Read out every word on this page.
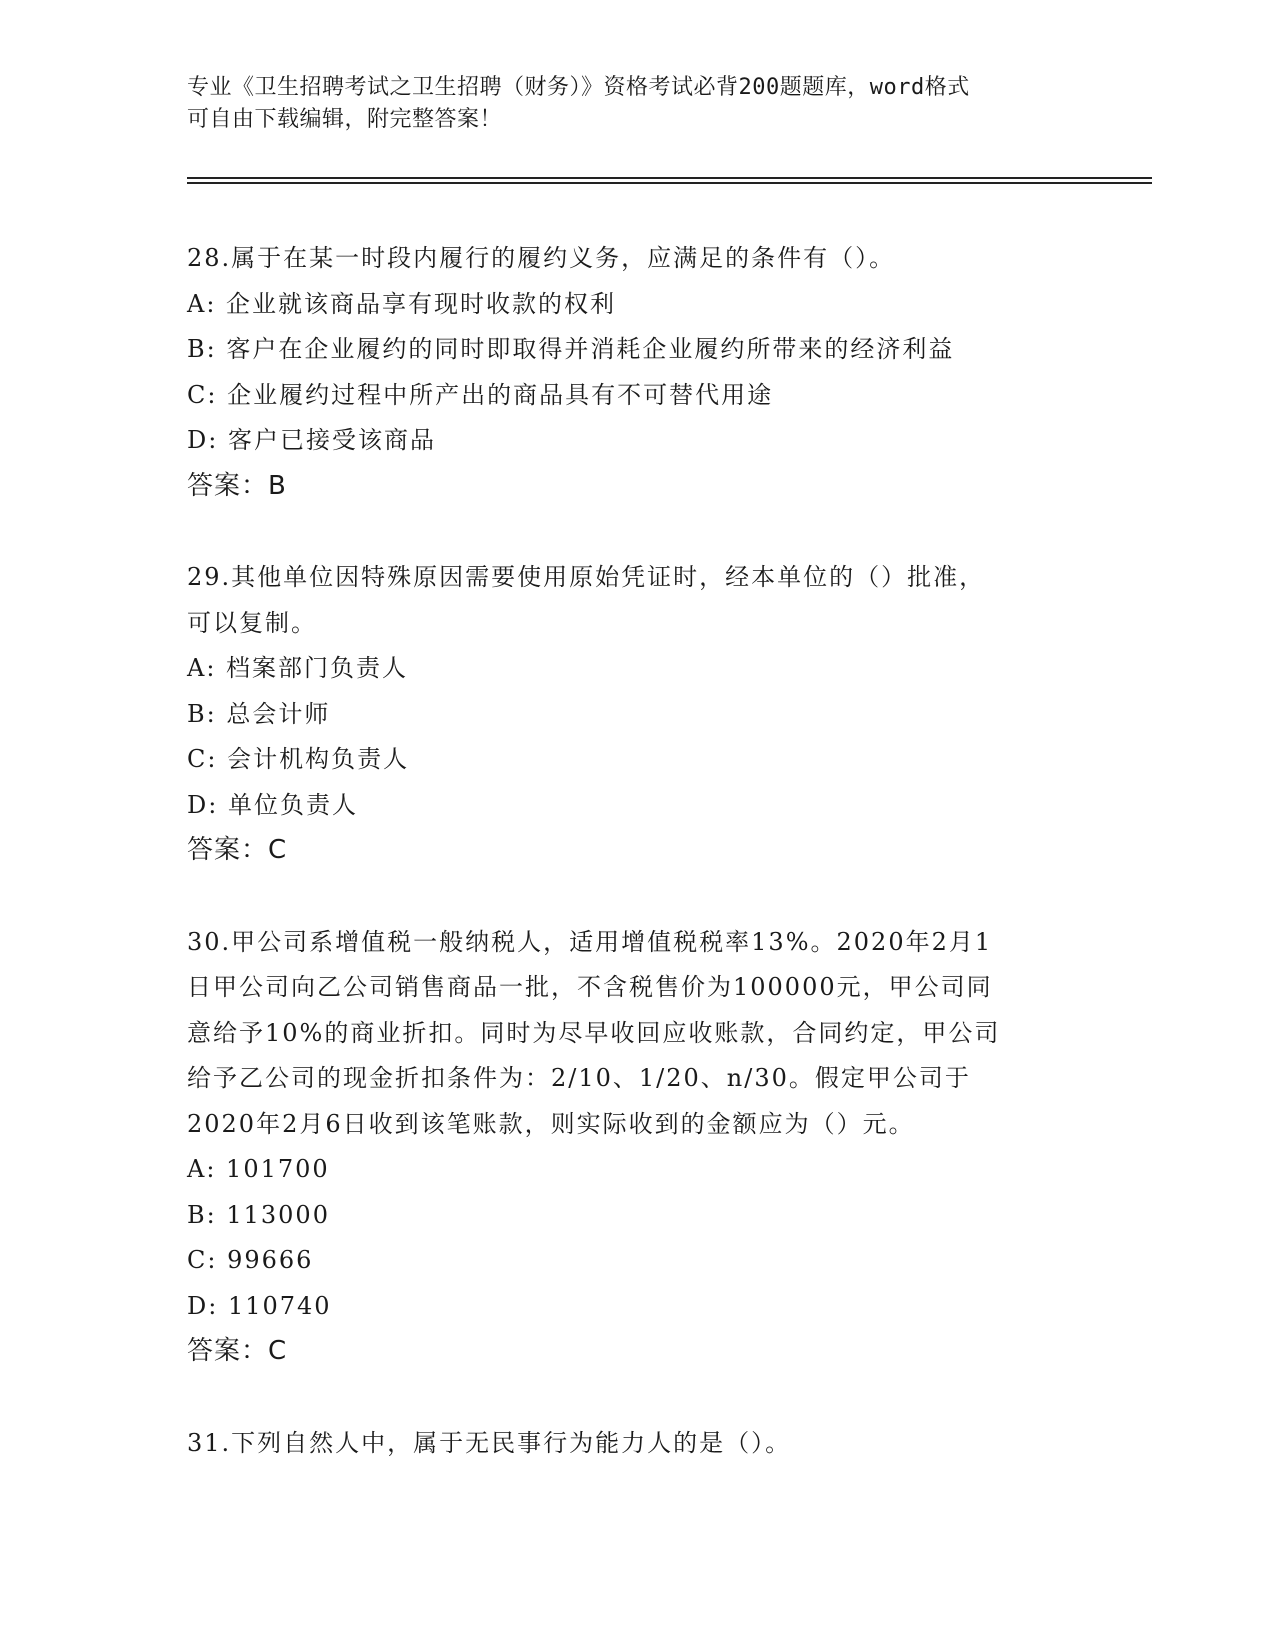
专业《卫生招聘考试之卫生招聘（财务）》资格考试必背200题题库，word格式
可自由下载编辑，附完整答案！

28.属于在某一时段内履行的履约义务，应满足的条件有（）。

A: 企业就该商品享有现时收款的权利

B: 客户在企业履约的同时即取得并消耗企业履约所带来的经济利益

C: 企业履约过程中所产出的商品具有不可替代用途

D: 客户已接受该商品

答案：B

29.其他单位因特殊原因需要使用原始凭证时，经本单位的（）批准，

可以复制。

A: 档案部门负责人

B: 总会计师

C: 会计机构负责人

D: 单位负责人

答案：C

30.甲公司系增值税一般纳税人，适用增值税税率13%。2020年2月1

日甲公司向乙公司销售商品一批，不含税售价为100000元，甲公司同

意给予10%的商业折扣。同时为尽早收回应收账款，合同约定，甲公司

给予乙公司的现金折扣条件为：2/10、1/20、n/30。假定甲公司于

2020年2月6日收到该笔账款，则实际收到的金额应为（）元。

A: 101700

B: 113000

C: 99666

D: 110740

答案：C

31.下列自然人中，属于无民事行为能力人的是（）。
